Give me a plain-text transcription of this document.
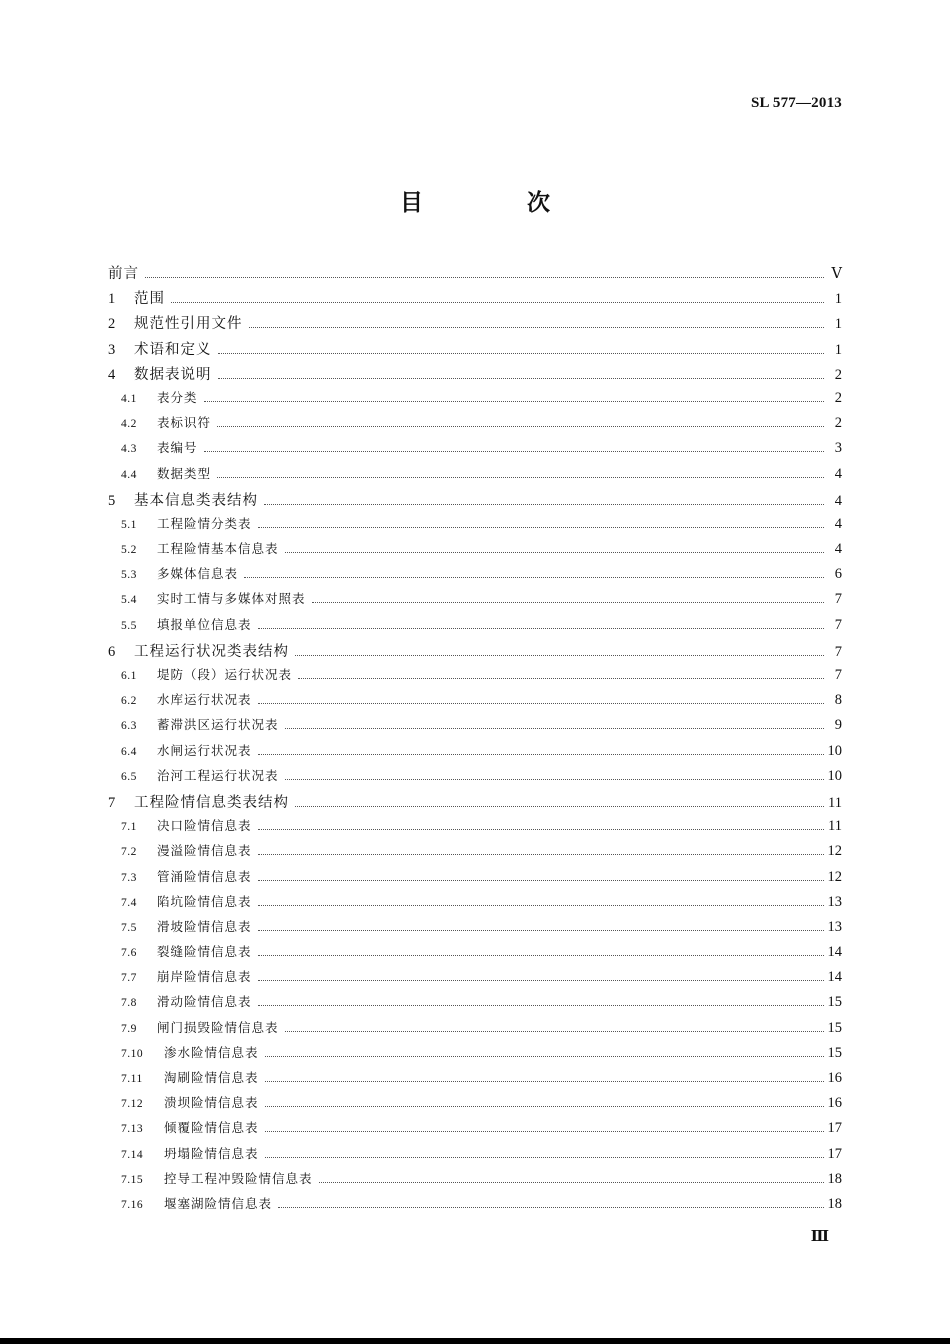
SL 577—2013
目 次
前言	Ⅴ
1	范围	1
2	规范性引用文件	1
3	术语和定义	1
4	数据表说明	2
4.1	表分类	2
4.2	表标识符	2
4.3	表编号	3
4.4	数据类型	4
5	基本信息类表结构	4
5.1	工程险情分类表	4
5.2	工程险情基本信息表	4
5.3	多媒体信息表	6
5.4	实时工情与多媒体对照表	7
5.5	填报单位信息表	7
6	工程运行状况类表结构	7
6.1	堤防（段）运行状况表	7
6.2	水库运行状况表	8
6.3	蓄滞洪区运行状况表	9
6.4	水闸运行状况表	10
6.5	治河工程运行状况表	10
7	工程险情信息类表结构	11
7.1	决口险情信息表	11
7.2	漫溢险情信息表	12
7.3	管涌险情信息表	12
7.4	陷坑险情信息表	13
7.5	滑坡险情信息表	13
7.6	裂缝险情信息表	14
7.7	崩岸险情信息表	14
7.8	滑动险情信息表	15
7.9	闸门损毁险情信息表	15
7.10	渗水险情信息表	15
7.11	淘刷险情信息表	16
7.12	溃坝险情信息表	16
7.13	倾覆险情信息表	17
7.14	坍塌险情信息表	17
7.15	控导工程冲毁险情信息表	18
7.16	堰塞湖险情信息表	18
Ⅲ
